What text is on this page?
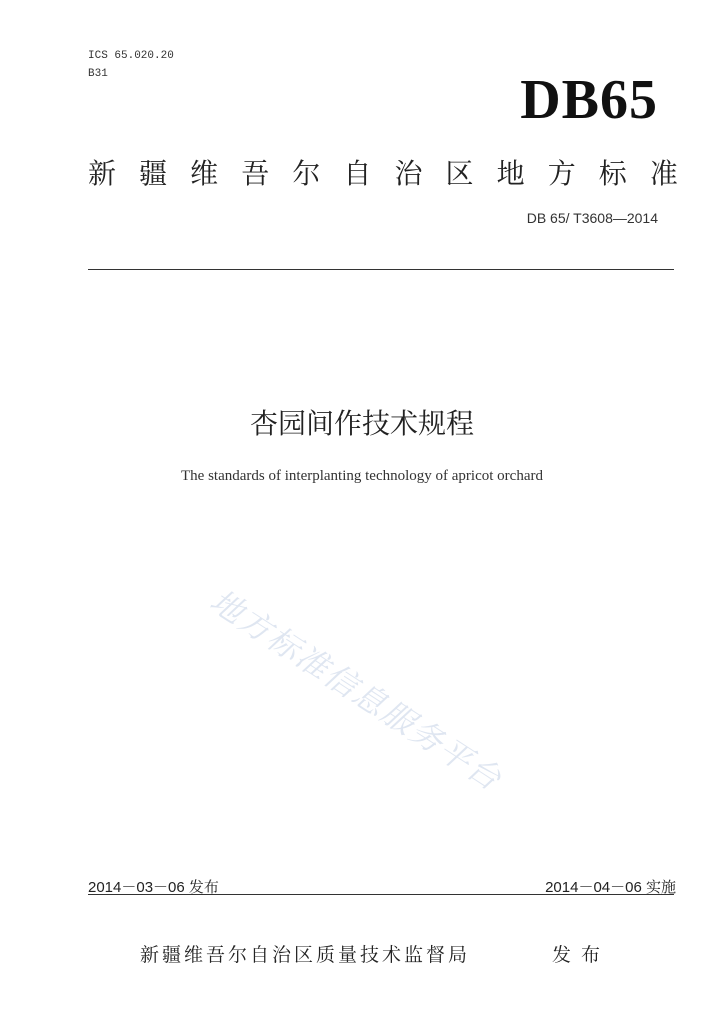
ICS 65.020.20
B31	DB65
新 疆 维 吾 尔 自 治 区 地 方 标 准
DB 65/ T3608—2014
杏园间作技术规程
The standards of interplanting technology of apricot orchard
地方标准信息服务平台
2014－03－06 发布	2014－04－06 实施
新疆维吾尔自治区质量技术监督局	发布
